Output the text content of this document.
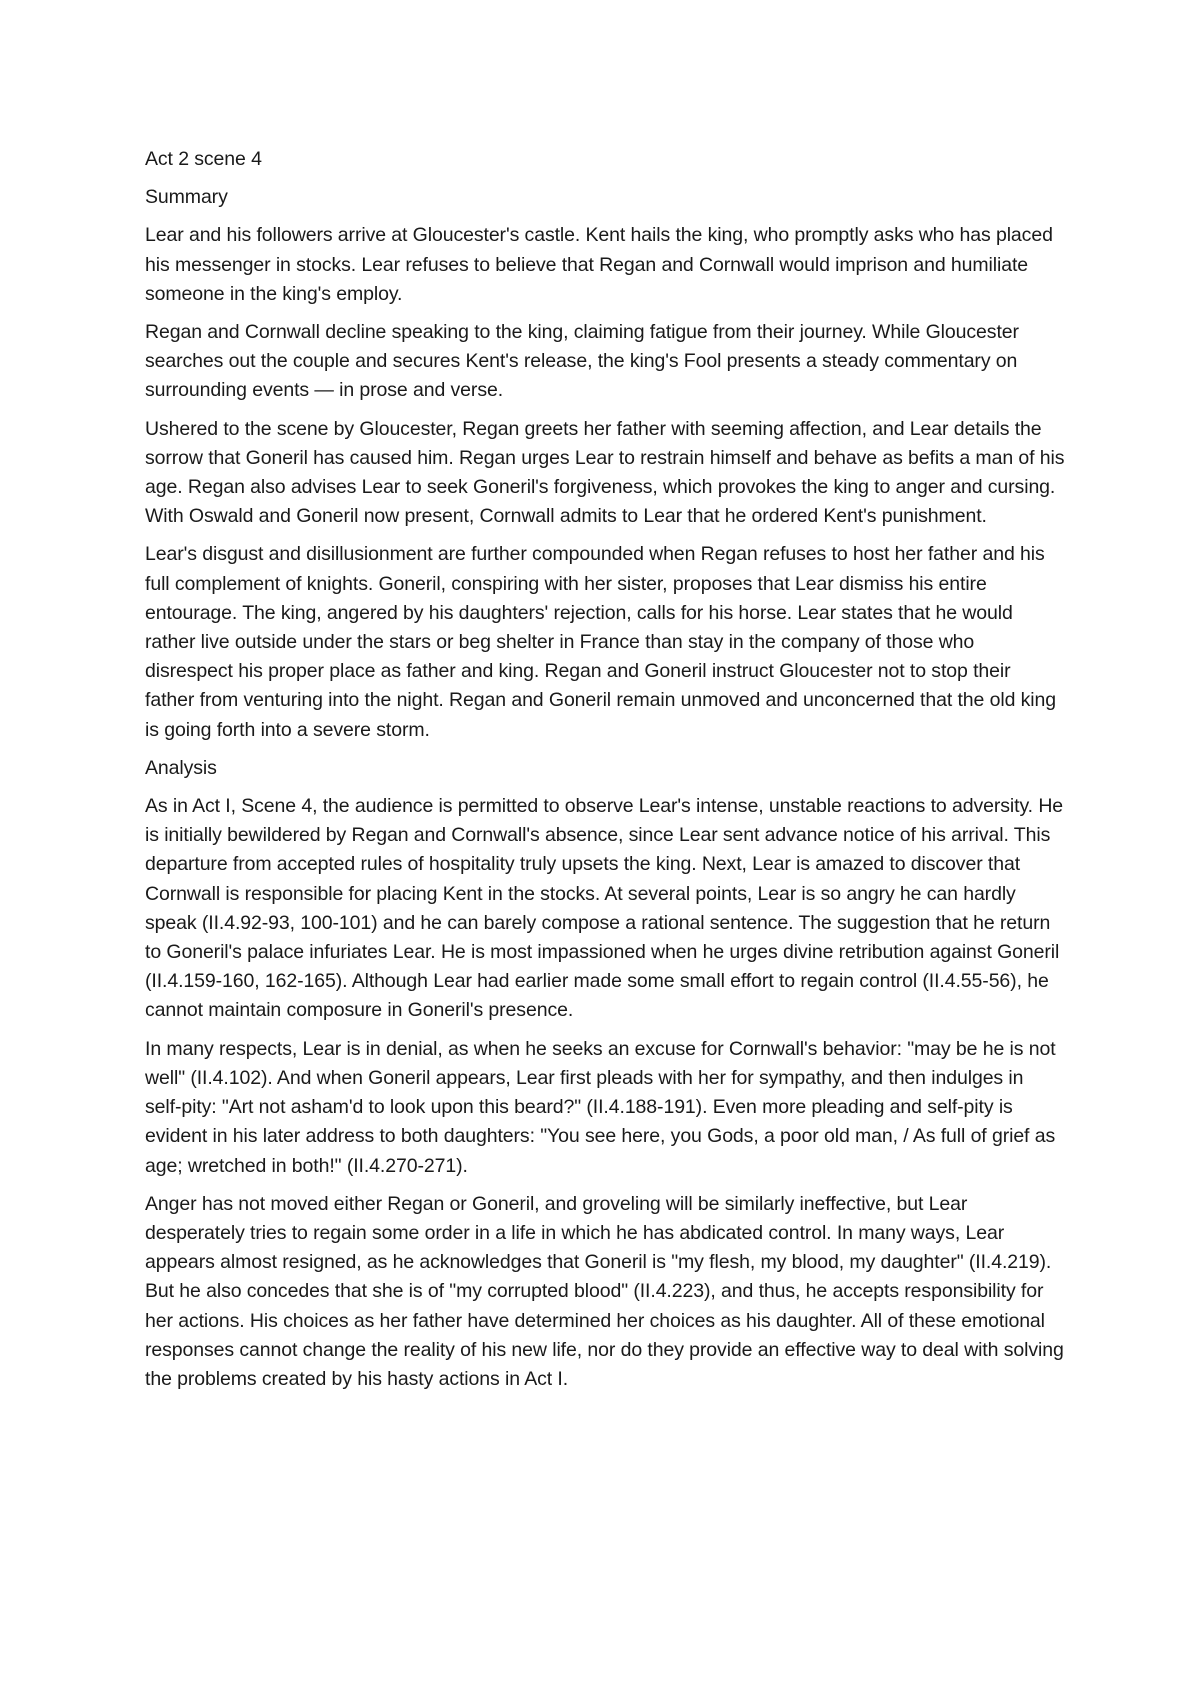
Act 2 scene 4

Summary

Lear and his followers arrive at Gloucester's castle. Kent hails the king, who promptly asks who has placed his messenger in stocks. Lear refuses to believe that Regan and Cornwall would imprison and humiliate someone in the king's employ.

Regan and Cornwall decline speaking to the king, claiming fatigue from their journey. While Gloucester searches out the couple and secures Kent's release, the king's Fool presents a steady commentary on surrounding events — in prose and verse.

Ushered to the scene by Gloucester, Regan greets her father with seeming affection, and Lear details the sorrow that Goneril has caused him. Regan urges Lear to restrain himself and behave as befits a man of his age. Regan also advises Lear to seek Goneril's forgiveness, which provokes the king to anger and cursing. With Oswald and Goneril now present, Cornwall admits to Lear that he ordered Kent's punishment.

Lear's disgust and disillusionment are further compounded when Regan refuses to host her father and his full complement of knights. Goneril, conspiring with her sister, proposes that Lear dismiss his entire entourage. The king, angered by his daughters' rejection, calls for his horse. Lear states that he would rather live outside under the stars or beg shelter in France than stay in the company of those who disrespect his proper place as father and king. Regan and Goneril instruct Gloucester not to stop their father from venturing into the night. Regan and Goneril remain unmoved and unconcerned that the old king is going forth into a severe storm.

Analysis

As in Act I, Scene 4, the audience is permitted to observe Lear's intense, unstable reactions to adversity. He is initially bewildered by Regan and Cornwall's absence, since Lear sent advance notice of his arrival. This departure from accepted rules of hospitality truly upsets the king. Next, Lear is amazed to discover that Cornwall is responsible for placing Kent in the stocks. At several points, Lear is so angry he can hardly speak (II.4.92-93, 100-101) and he can barely compose a rational sentence. The suggestion that he return to Goneril's palace infuriates Lear. He is most impassioned when he urges divine retribution against Goneril (II.4.159-160, 162-165). Although Lear had earlier made some small effort to regain control (II.4.55-56), he cannot maintain composure in Goneril's presence.

In many respects, Lear is in denial, as when he seeks an excuse for Cornwall's behavior: "may be he is not well" (II.4.102). And when Goneril appears, Lear first pleads with her for sympathy, and then indulges in self-pity: "Art not asham'd to look upon this beard?" (II.4.188-191). Even more pleading and self-pity is evident in his later address to both daughters: "You see here, you Gods, a poor old man, / As full of grief as age; wretched in both!" (II.4.270-271).

Anger has not moved either Regan or Goneril, and groveling will be similarly ineffective, but Lear desperately tries to regain some order in a life in which he has abdicated control. In many ways, Lear appears almost resigned, as he acknowledges that Goneril is "my flesh, my blood, my daughter" (II.4.219). But he also concedes that she is of "my corrupted blood" (II.4.223), and thus, he accepts responsibility for her actions. His choices as her father have determined her choices as his daughter. All of these emotional responses cannot change the reality of his new life, nor do they provide an effective way to deal with solving the problems created by his hasty actions in Act I.
